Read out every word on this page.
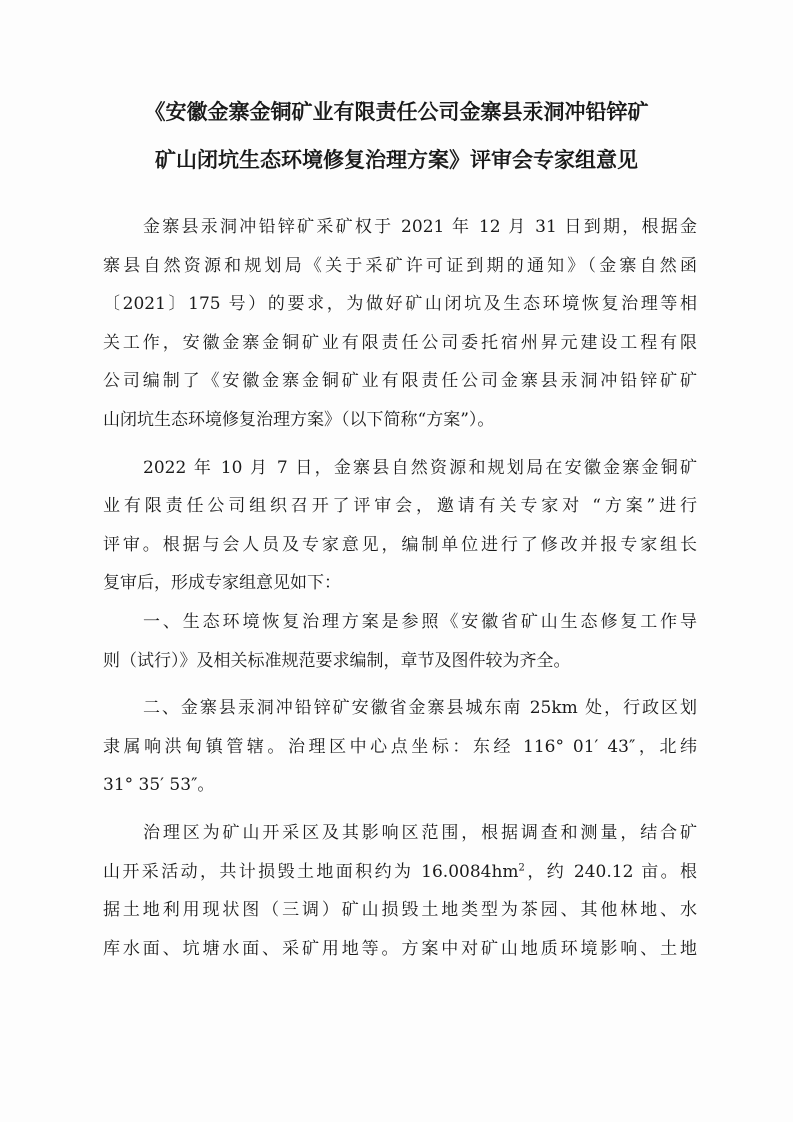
《安徽金寨金铜矿业有限责任公司金寨县汞洞冲铅锌矿
矿山闭坑生态环境修复治理方案》评审会专家组意见
金寨县汞洞冲铅锌矿采矿权于 2021 年 12 月 31 日到期，根据金
寨县自然资源和规划局《关于采矿许可证到期的通知》（金寨自然函
〔2021〕175 号）的要求，为做好矿山闭坑及生态环境恢复治理等相
关工作，安徽金寨金铜矿业有限责任公司委托宿州昇元建设工程有限
公司编制了《安徽金寨金铜矿业有限责任公司金寨县汞洞冲铅锌矿矿
山闭坑生态环境修复治理方案》（以下简称“方案”）。
2022 年 10 月 7 日，金寨县自然资源和规划局在安徽金寨金铜矿
业有限责任公司组织召开了评审会，邀请有关专家对 “方案”进行
评审。根据与会人员及专家意见，编制单位进行了修改并报专家组长
复审后，形成专家组意见如下：
一、生态环境恢复治理方案是参照《安徽省矿山生态修复工作导
则（试行）》及相关标准规范要求编制，章节及图件较为齐全。
二、金寨县汞洞冲铅锌矿安徽省金寨县城东南 25km 处，行政区划
隶属响洪甸镇管辖。治理区中心点坐标：东经 116° 01′ 43″，北纬
31° 35′ 53″。
治理区为矿山开采区及其影响区范围，根据调查和测量，结合矿
山开采活动，共计损毁土地面积约为 $16.0084hm^2$，约 240.12 亩。根
据土地利用现状图（三调）矿山损毁土地类型为茶园、其他林地、水
库水面、坑塘水面、采矿用地等。方案中对矿山地质环境影响、土地
